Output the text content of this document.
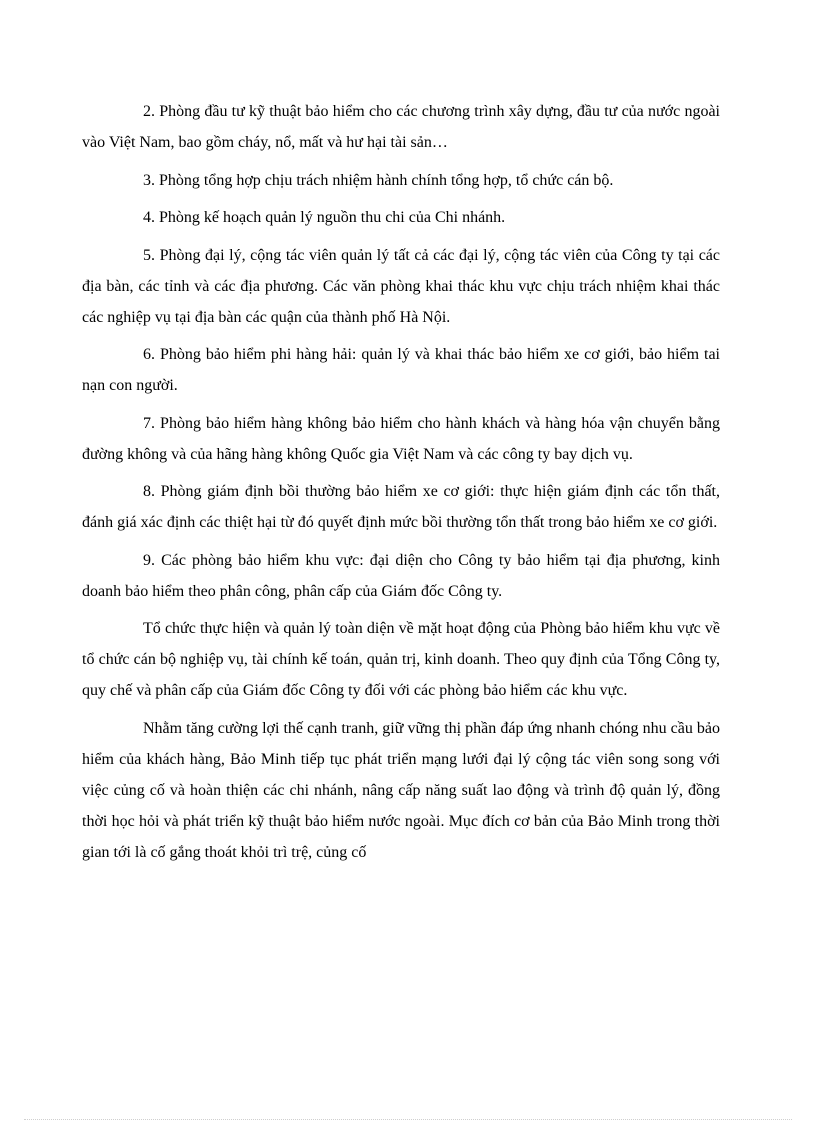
2. Phòng đầu tư kỹ thuật bảo hiểm cho các chương trình xây dựng, đầu tư của nước ngoài vào Việt Nam, bao gồm cháy, nổ, mất và hư hại tài sản…

3. Phòng tổng hợp chịu trách nhiệm hành chính tổng hợp, tổ chức cán bộ.

4. Phòng kế hoạch quản lý nguồn thu chi của Chi nhánh.

5. Phòng đại lý, cộng tác viên quản lý tất cả các đại lý, cộng tác viên của Công ty tại các địa bàn, các tỉnh và các địa phương. Các văn phòng khai thác khu vực chịu trách nhiệm khai thác các nghiệp vụ tại địa bàn các quận của thành phố Hà Nội.

6. Phòng bảo hiểm phi hàng hải: quản lý và khai thác bảo hiểm xe cơ giới, bảo hiểm tai nạn con người.

7. Phòng bảo hiểm hàng không bảo hiểm cho hành khách và hàng hóa vận chuyển bằng đường không và của hãng hàng không Quốc gia Việt Nam và các công ty bay dịch vụ.

8. Phòng giám định bồi thường bảo hiểm xe cơ giới: thực hiện giám định các tổn thất, đánh giá xác định các thiệt hại từ đó quyết định mức bồi thường tổn thất trong bảo hiểm xe cơ giới.

9. Các phòng bảo hiểm khu vực: đại diện cho Công ty bảo hiểm tại địa phương, kinh doanh bảo hiểm theo phân công, phân cấp của Giám đốc Công ty.

Tổ chức thực hiện và quản lý toàn diện về mặt hoạt động của Phòng bảo hiểm khu vực về tổ chức cán bộ nghiệp vụ, tài chính kế toán, quản trị, kinh doanh. Theo quy định của Tổng Công ty, quy chế và phân cấp của Giám đốc Công ty đối với các phòng bảo hiểm các khu vực.

Nhằm tăng cường lợi thế cạnh tranh, giữ vững thị phần đáp ứng nhanh chóng nhu cầu bảo hiểm của khách hàng, Bảo Minh tiếp tục phát triển mạng lưới đại lý cộng tác viên song song với việc củng cố và hoàn thiện các chi nhánh, nâng cấp năng suất lao động và trình độ quản lý, đồng thời học hỏi và phát triển kỹ thuật bảo hiểm nước ngoài. Mục đích cơ bản của Bảo Minh trong thời gian tới là cố gắng thoát khỏi trì trệ, củng cố
